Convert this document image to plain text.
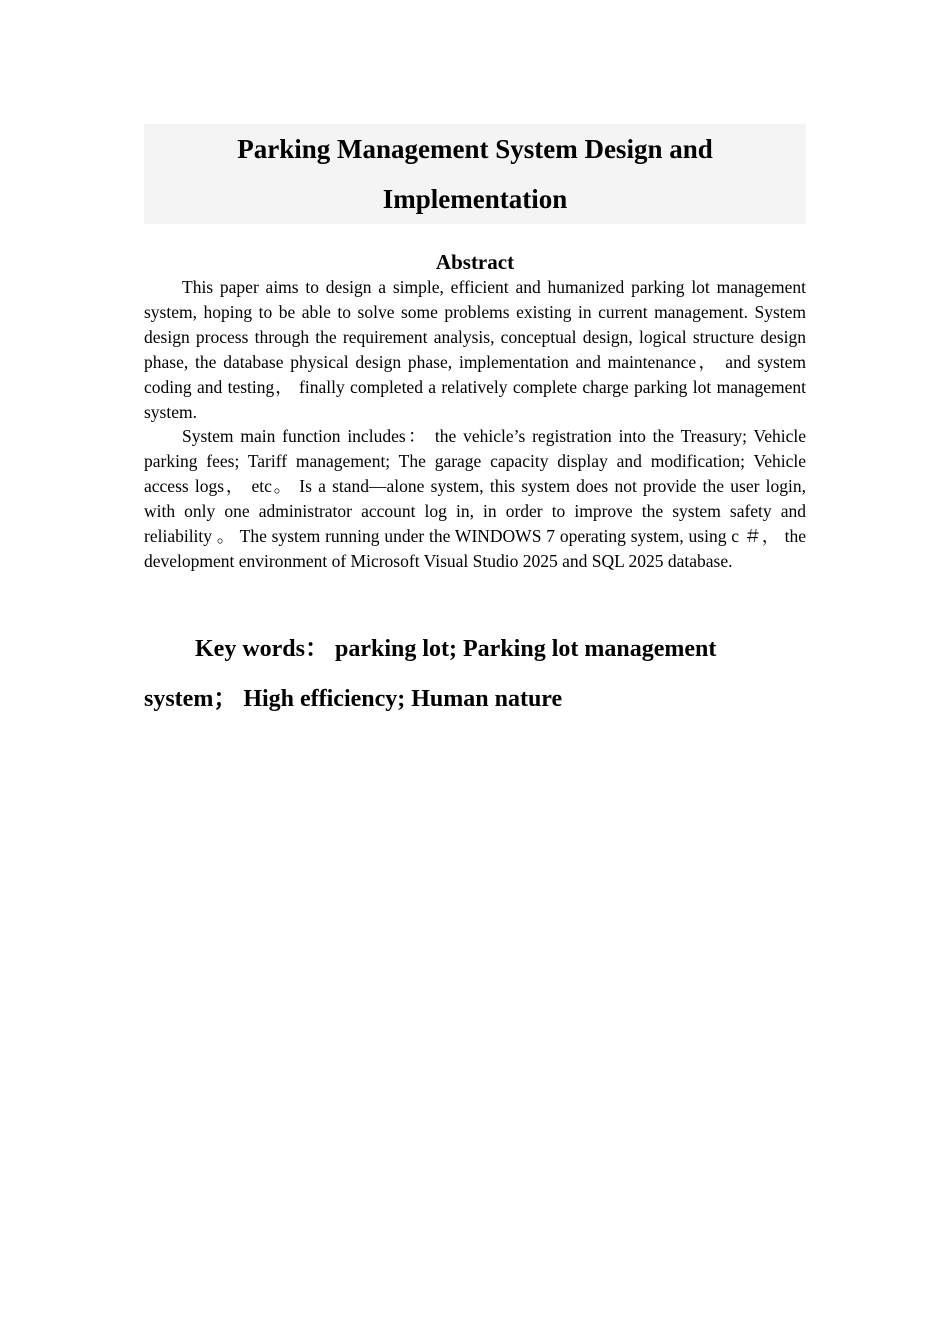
Parking Management System Design and
Implementation
Abstract

This paper aims to design a simple, efficient and humanized parking lot management system, hoping to be able to solve some problems existing in current management. System design process through the requirement analysis, conceptual design, logical structure design phase, the database physical design phase, implementation and maintenance， and system coding and testing， finally completed a relatively complete charge parking lot management system.

System main function includes： the vehicle’s registration into the Treasury; Vehicle parking fees; Tariff management; The garage capacity display and modification; Vehicle access logs， etc。 Is a stand—alone system, this system does not provide the user login, with only one administrator account log in, in order to improve the system safety and reliability 。 The system running under the WINDOWS 7 operating system, using c ＃， the development environment of Microsoft Visual Studio 2025 and SQL 2025 database.

Key words： parking lot; Parking lot management system； High efficiency; Human nature
